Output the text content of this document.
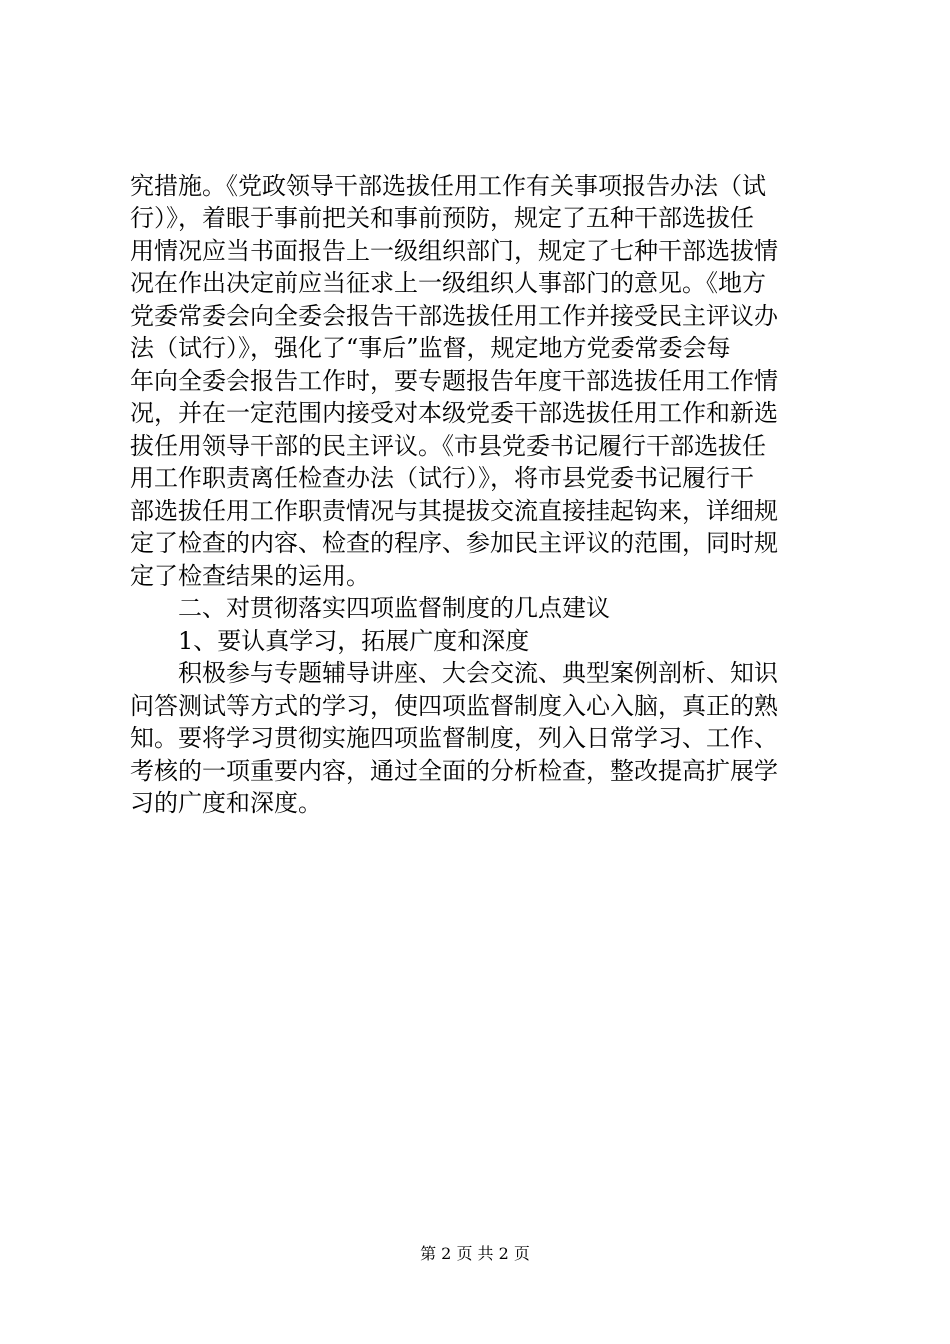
究措施。《党政领导干部选拔任用工作有关事项报告办法（试
行）》，着眼于事前把关和事前预防，规定了五种干部选拔任
用情况应当书面报告上一级组织部门，规定了七种干部选拔情
况在作出决定前应当征求上一级组织人事部门的意见。《地方
党委常委会向全委会报告干部选拔任用工作并接受民主评议办
法（试行）》，强化了“事后”监督，规定地方党委常委会每
年向全委会报告工作时，要专题报告年度干部选拔任用工作情
况，并在一定范围内接受对本级党委干部选拔任用工作和新选
拔任用领导干部的民主评议。《市县党委书记履行干部选拔任
用工作职责离任检查办法（试行）》，将市县党委书记履行干
部选拔任用工作职责情况与其提拔交流直接挂起钩来，详细规
定了检查的内容、检查的程序、参加民主评议的范围，同时规
定了检查结果的运用。
二、对贯彻落实四项监督制度的几点建议
1、要认真学习，拓展广度和深度
积极参与专题辅导讲座、大会交流、典型案例剖析、知识
问答测试等方式的学习，使四项监督制度入心入脑，真正的熟
知。要将学习贯彻实施四项监督制度，列入日常学习、工作、
考核的一项重要内容，通过全面的分析检查，整改提高扩展学
习的广度和深度。
第 2 页 共 2 页
